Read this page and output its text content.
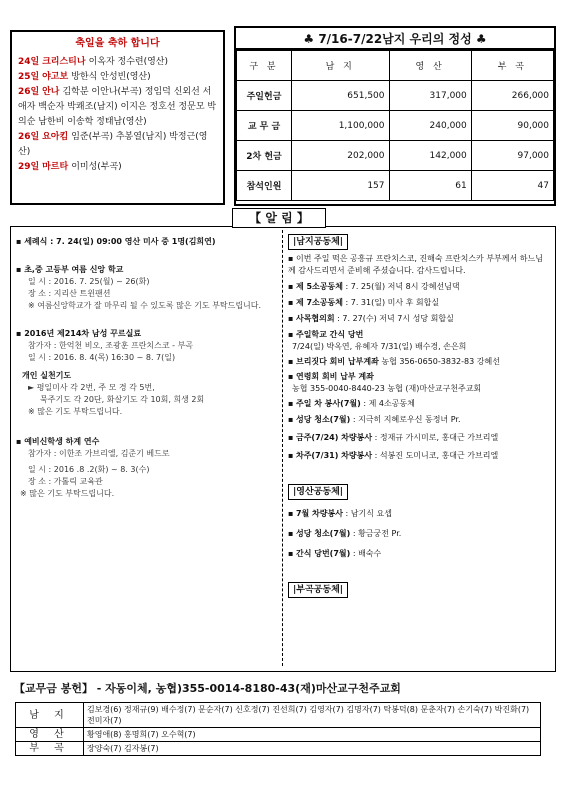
축일을 축하 합니다
24일 크리스티나 이옥자 정수련(영산)
25일 야고보 방한식 안성빈(영산)
26일 안나 김학분 이안나(부곡) 정임덕 신외선 서애자 백순자 박쾌조(남지) 이지은 정호선 정문모 박의순 남한비 이송학 정태남(영산)
26일 요아킴 임준(부곡) 추봉열(남지) 박정근(영산)
29일 마르타 이미성(부곡)
♣ 7/16-7/22남지 우리의 정성 ♣
구 분	남 지	영 산	부 곡
주일헌금	651,500	317,000	266,000
교 무 금	1,100,000	240,000	90,000
2차 헌금	202,000	142,000	97,000
참석인원	157	61	47
【 알 림 】
▪ 세례식 : 7. 24(일) 09:00 영산 미사 중 1명(김희연)
▪ 초,중 고등부 여름 신앙 학교
일 시 : 2016. 7. 25(월) ~ 26(화)
장 소 : 지리산 트윈팬션
※ 여름신앙학교가 잘 마무리 될 수 있도록 많은 기도 부탁드립니다.
▪ 2016년 제214차 남성 꾸르실료
참가자 : 한억천 비오, 조광훈 프란치스코 - 부곡
일 시 : 2016. 8. 4(목) 16:30 ~ 8. 7(일)
개인 실천기도
► 평일미사 각 2번, 주 모 경 각 5번,
묵주기도 각 20단, 화살기도 각 10회, 희생 2회
※ 많은 기도 부탁드립니다.
▪ 예비신학생 하계 연수
참가자 : 이한조 가브리엘, 김준기 베드로
일 시 : 2016 .8 .2(화) ~ 8. 3(수)
장 소 : 가톨릭 교육관
※ 많은 기도 부탁드립니다.
|남지공동체|
▪ 이번 주일 떡은 공흥규 프란치스코, 진해숙 프란치스카 부부께서 하느님께 감사드리면서 준비해 주셨습니다. 감사드립니다.
▪ 제 5소공동체 : 7. 25(월) 저녁 8시 강혜선님댁
▪ 제 7소공동체 : 7. 31(일) 미사 후 회합실
▪ 사목협의회 : 7. 27(수) 저녁 7시 성당 회합실
▪ 주일학교 간식 당번
7/24(일) 박옥연, 유혜자 7/31(일) 배수경, 손은희
▪ 브리짓다 회비 납부계좌 농협 356-0650-3832-83 강혜선
▪ 연령회 회비 납부 계좌
농협 355-0040-8440-23 농협 (재)마산교구천주교회
▪ 주일 차 봉사(7월) : 제 4소공동체
▪ 성당 청소(7월) : 지극히 지혜로우신 동정녀 Pr.
▪ 금주(7/24) 차량봉사 : 정재규 가시미로, 홍대근 가브리엘
▪ 차주(7/31) 차량봉사 : 석봉진 도미니코, 홍대근 가브리엘
|영산공동체|
▪ 7월 차량봉사 : 남기식 요셉
▪ 성당 청소(7월) : 황금궁전 Pr.
▪ 간식 당번(7월) : 배숙수
|부곡공동체|
【교무금 봉헌】 - 자동이체, 농협)355-0014-8180-43(재)마산교구천주교회
남 지	김보경(6) 정재규(9) 배수정(7) 문순자(7) 신호정(7) 진선희(7) 김영자(7) 김명자(7) 탁봉덕(8) 문춘자(7) 손기숙(7) 박진화(7) 전미자(7)
영 산	황영애(8) 홍명희(7) 오수혁(7)
부 곡	장양숙(7) 김자봉(7)
